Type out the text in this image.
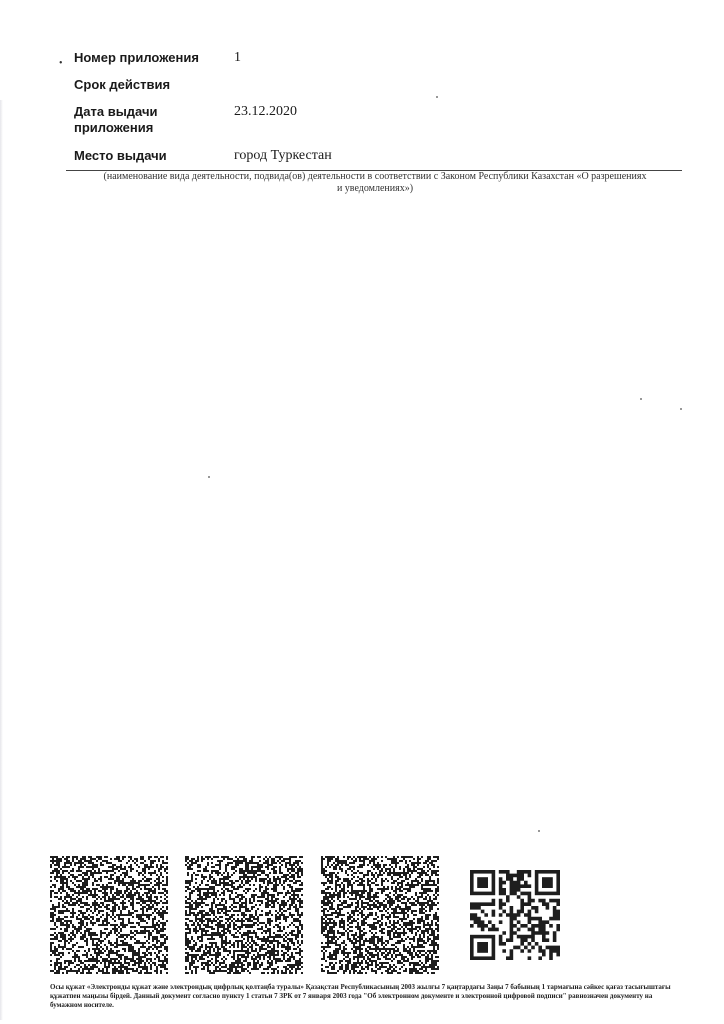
• Номер приложения	1
Срок действия
Дата выдачи приложения
23.12.2020
Место выдачи	город Туркестан
(наименование вида деятельности, подвида(ов) деятельности в соответствии с Законом Республики Казахстан «О разрешениях
и уведомлениях»)
Осы құжат «Электронды құжат және электрондық цифрлық қолтаңба туралы» Қазақстан Республикасының 2003 жылғы 7 қаңтардағы Заңы 7 бабының 1 тармағына сәйкес қағаз тасығыштағы құжатпен маңызы бірдей. Данный документ согласно пункту 1 статьи 7 ЗРК от 7 января 2003 года "Об электронном документе и электронной цифровой подписи" равнозначен документу на бумажном носителе.
